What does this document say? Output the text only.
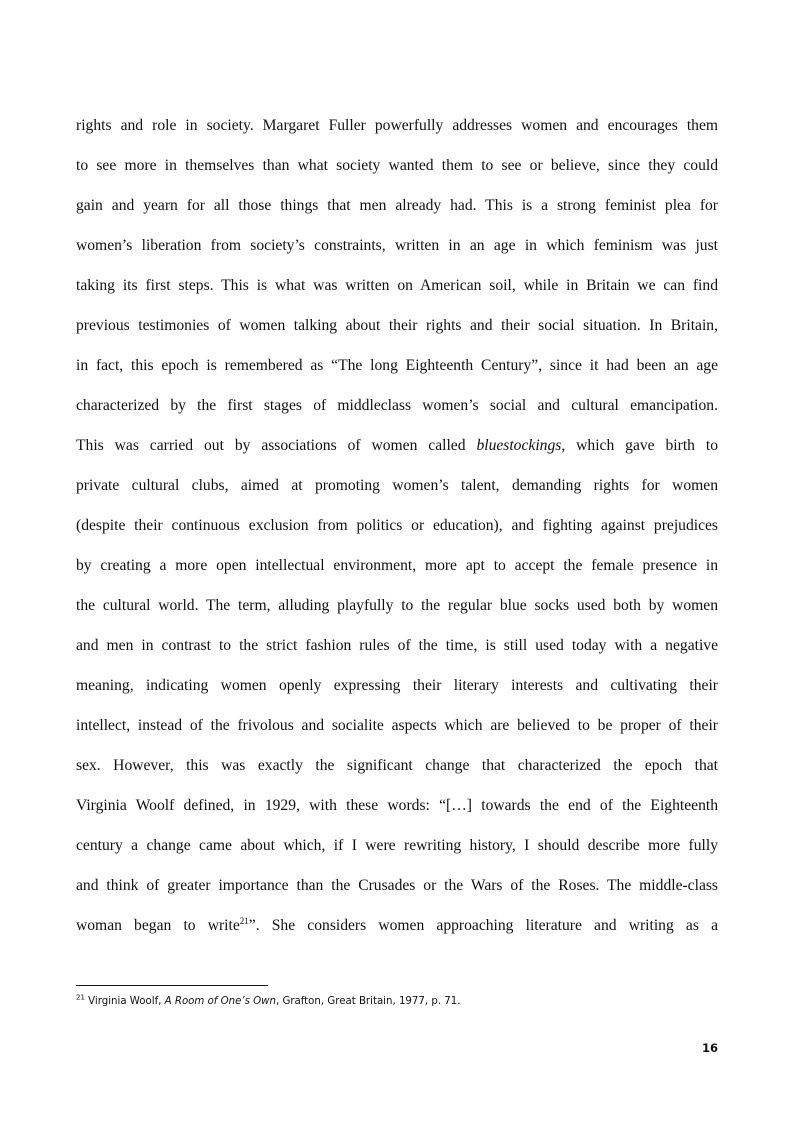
rights and role in society. Margaret Fuller powerfully addresses women and encourages them
to see more in themselves than what society wanted them to see or believe, since they could
gain and yearn for all those things that men already had. This is a strong feminist plea for
women’s liberation from society’s constraints, written in an age in which feminism was just
taking its first steps. This is what was written on American soil, while in Britain we can find
previous testimonies of women talking about their rights and their social situation. In Britain,
in fact, this epoch is remembered as “The long Eighteenth Century”, since it had been an age
characterized by the first stages of middleclass women’s social and cultural emancipation.
This was carried out by associations of women called bluestockings, which gave birth to
private cultural clubs, aimed at promoting women’s talent, demanding rights for women
(despite their continuous exclusion from politics or education), and fighting against prejudices
by creating a more open intellectual environment, more apt to accept the female presence in
the cultural world. The term, alluding playfully to the regular blue socks used both by women
and men in contrast to the strict fashion rules of the time, is still used today with a negative
meaning, indicating women openly expressing their literary interests and cultivating their
intellect, instead of the frivolous and socialite aspects which are believed to be proper of their
sex. However, this was exactly the significant change that characterized the epoch that
Virginia Woolf defined, in 1929, with these words: “[…] towards the end of the Eighteenth
century a change came about which, if I were rewriting history, I should describe more fully
and think of greater importance than the Crusades or the Wars of the Roses. The middle-class
woman began to write$^{21}$”. She considers women approaching literature and writing as a

$^{21}$ Virginia Woolf, A Room of One’s Own, Grafton, Great Britain, 1977, p. 71.

16
